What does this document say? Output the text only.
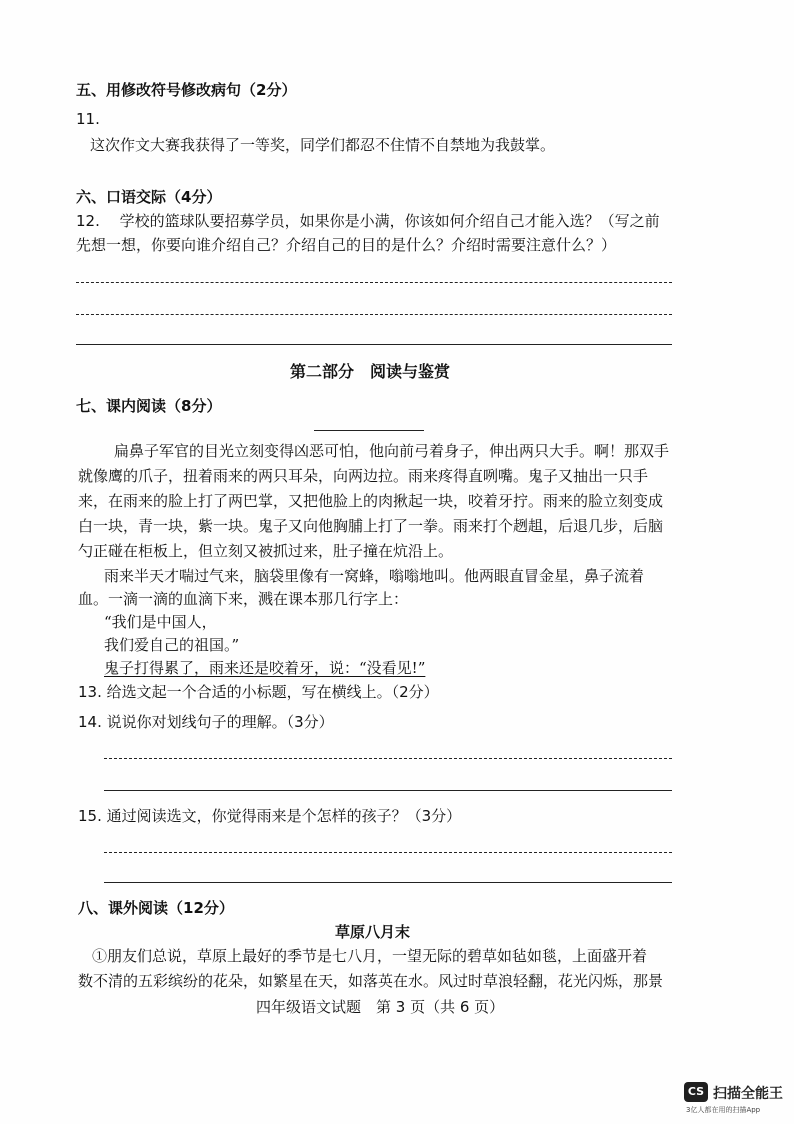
五、用修改符号修改病句（2分）
11.
这次作文大赛我获得了一等奖，同学们都忍不住情不自禁地为我鼓掌。
六、口语交际（4分）
12.　 学校的篮球队要招募学员，如果你是小满，你该如何介绍自己才能入选？（写之前
先想一想，你要向谁介绍自己？介绍自己的目的是什么？介绍时需要注意什么？）
第二部分　阅读与鉴赏
七、课内阅读（8分）
扁鼻子军官的目光立刻变得凶恶可怕，他向前弓着身子，伸出两只大手。啊！那双手
就像鹰的爪子，扭着雨来的两只耳朵，向两边拉。雨来疼得直咧嘴。鬼子又抽出一只手
来，在雨来的脸上打了两巴掌，又把他脸上的肉揪起一块，咬着牙拧。雨来的脸立刻变成
白一块，青一块，紫一块。鬼子又向他胸脯上打了一拳。雨来打个趔趄，后退几步，后脑
勺正碰在柜板上，但立刻又被抓过来，肚子撞在炕沿上。
雨来半天才喘过气来，脑袋里像有一窝蜂，嗡嗡地叫。他两眼直冒金星，鼻子流着
血。一滴一滴的血滴下来，溅在课本那几行字上：
“我们是中国人，
我们爱自己的祖国。”
鬼子打得累了，雨来还是咬着牙，说：“没看见!”
13. 给选文起一个合适的小标题，写在横线上。（2分）
14. 说说你对划线句子的理解。（3分）
15. 通过阅读选文，你觉得雨来是个怎样的孩子？（3分）
八、课外阅读（12分）
草原八月末
①朋友们总说，草原上最好的季节是七八月，一望无际的碧草如毡如毯，上面盛开着
数不清的五彩缤纷的花朵，如繁星在天，如落英在水。风过时草浪轻翻，花光闪烁，那景
四年级语文试题　第 3 页（共 6 页）
CS 扫描全能王
3亿人都在用的扫描App
